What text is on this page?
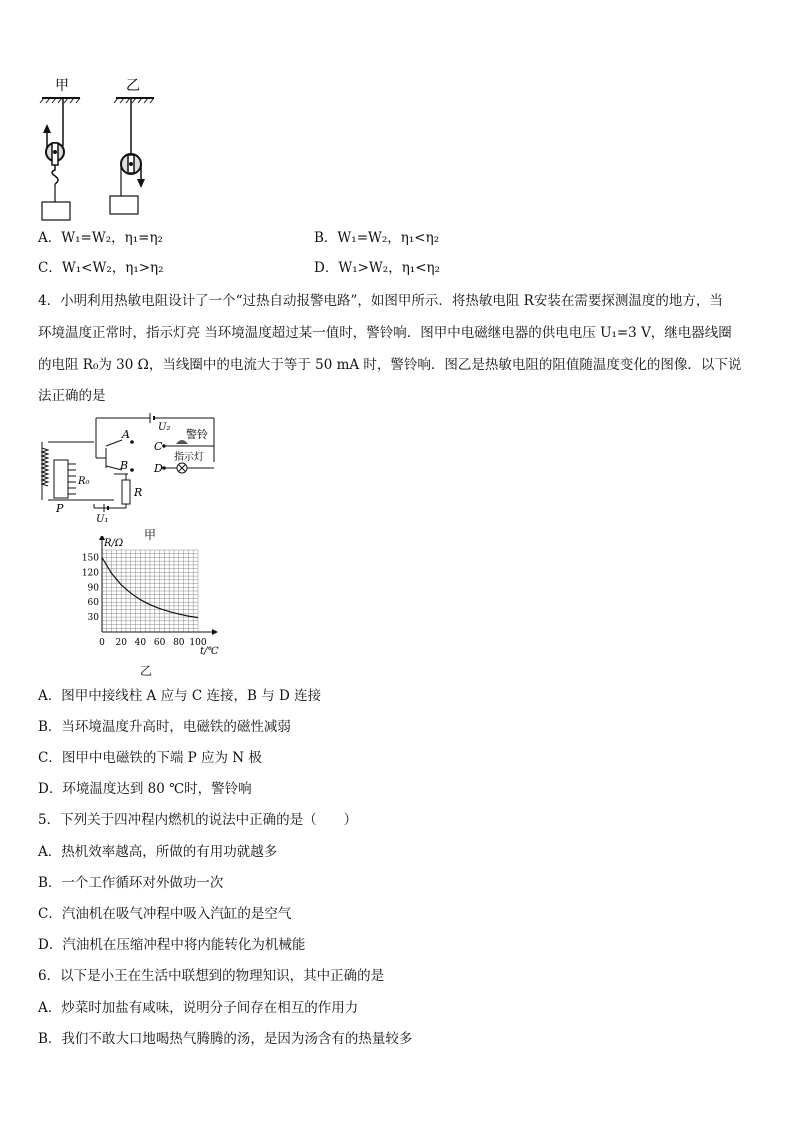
甲	乙
A．W₁=W₂，η₁=η₂	B．W₁=W₂，η₁<η₂
C．W₁<W₂，η₁>η₂	D．W₁>W₂，η₁<η₂
4．小明利用热敏电阻设计了一个“过热自动报警电路”，如图甲所示．将热敏电阻 R安装在需要探测温度的地方，当
环境温度正常时，指示灯亮 当环境温度超过某一值时，警铃响．图甲中电磁继电器的供电电压 U₁=3 V，继电器线圈
的电阻 R₀为 30 Ω，当线圈中的电流大于等于 50 mA 时，警铃响．图乙是热敏电阻的阻值随温度变化的图像．以下说
法正确的是
U₂
A
B
C
D
警铃
指示灯
R
R₀
P
U₁
甲
0 20 40 60 80 100
30
60
90
120
150
R/Ω
t/℃
乙
A．图甲中接线柱 A 应与 C 连接，B 与 D 连接
B．当环境温度升高时，电磁铁的磁性减弱
C．图甲中电磁铁的下端 P 应为 N 极
D．环境温度达到 80 ℃时，警铃响
5．下列关于四冲程内燃机的说法中正确的是（　　）
A．热机效率越高，所做的有用功就越多
B．一个工作循环对外做功一次
C．汽油机在吸气冲程中吸入汽缸的是空气
D．汽油机在压缩冲程中将内能转化为机械能
6．以下是小王在生活中联想到的物理知识，其中正确的是
A．炒菜时加盐有咸味，说明分子间存在相互的作用力
B．我们不敢大口地喝热气腾腾的汤，是因为汤含有的热量较多
